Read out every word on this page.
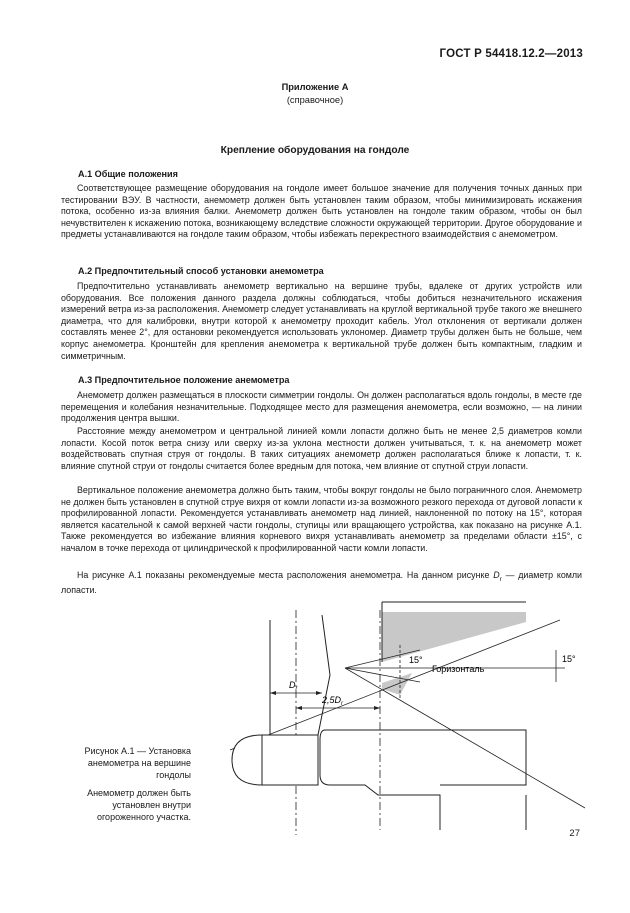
ГОСТ Р 54418.12.2—2013
Приложение А
(справочное)
Крепление оборудования на гондоле
А.1 Общие положения

Соответствующее размещение оборудования на гондоле имеет большое значение для получения точных данных при тестировании ВЭУ. В частности, анемометр должен быть установлен таким образом, чтобы минимизировать искажения потока, особенно из-за влияния балки. Анемометр должен быть установлен на гондоле таким образом, чтобы он был нечувствителен к искажению потока, возникающему вследствие сложности окружающей территории. Другое оборудование и предметы устанавливаются на гондоле таким образом, чтобы избежать перекрестного взаимодействия с анемометром.

А.2 Предпочтительный способ установки анемометра

Предпочтительно устанавливать анемометр вертикально на вершине трубы, вдалеке от других устройств или оборудования. Все положения данного раздела должны соблюдаться, чтобы добиться незначительного искажения измерений ветра из-за расположения. Анемометр следует устанавливать на круглой вертикальной трубе такого же внешнего диаметра, что для калибровки, внутри которой к анемометру проходит кабель. Угол отклонения от вертикали должен составлять менее 2°, для остановки рекомендуется использовать уклономер. Диаметр трубы должен быть не больше, чем корпус анемометра. Кронштейн для крепления анемометра к вертикальной трубе должен быть компактным, гладким и симметричным.

А.3 Предпочтительное положение анемометра

Анемометр должен размещаться в плоскости симметрии гондолы. Он должен располагаться вдоль гондолы, в месте где перемещения и колебания незначительные. Подходящее место для размещения анемометра, если возможно, — на линии продолжения центра вышки.

Расстояние между анемометром и центральной линией комли лопасти должно быть не менее 2,5 диаметров комли лопасти. Косой поток ветра снизу или сверху из-за уклона местности должен учитываться, т. к. на анемометр может воздействовать спутная струя от гондолы. В таких ситуациях анемометр должен располагаться ближе к лопасти, т. к. влияние спутной струи от гондолы считается более вредным для потока, чем влияние от спутной струи лопасти.

Вертикальное положение анемометра должно быть таким, чтобы вокруг гондолы не было пограничного слоя. Анемометр не должен быть установлен в спутной струе вихря от комли лопасти из-за возможного резкого перехода от дуговой лопасти к профилированной лопасти. Рекомендуется устанавливать анемометр над линией, наклоненной по потоку на 15°, которая является касательной к самой верхней части гондолы, ступицы или вращающего устройства, как показано на рисунке А.1. Также рекомендуется во избежание влияния корневого вихря устанавливать анемометр за пределами области ±15°, с началом в точке перехода от цилиндрической к профилированной части комли лопасти.

На рисунке А.1 показаны рекомендуемые места расположения анемометра. На данном рисунке $D_r$ — диаметр комли лопасти.

15°	15°
Горизонталь
$D_r$
$2,5D_r$
Рисунок А.1 — Установка анемометра на вершине гондолы
Анемометр должен быть установлен внутри огороженного участка.
27
